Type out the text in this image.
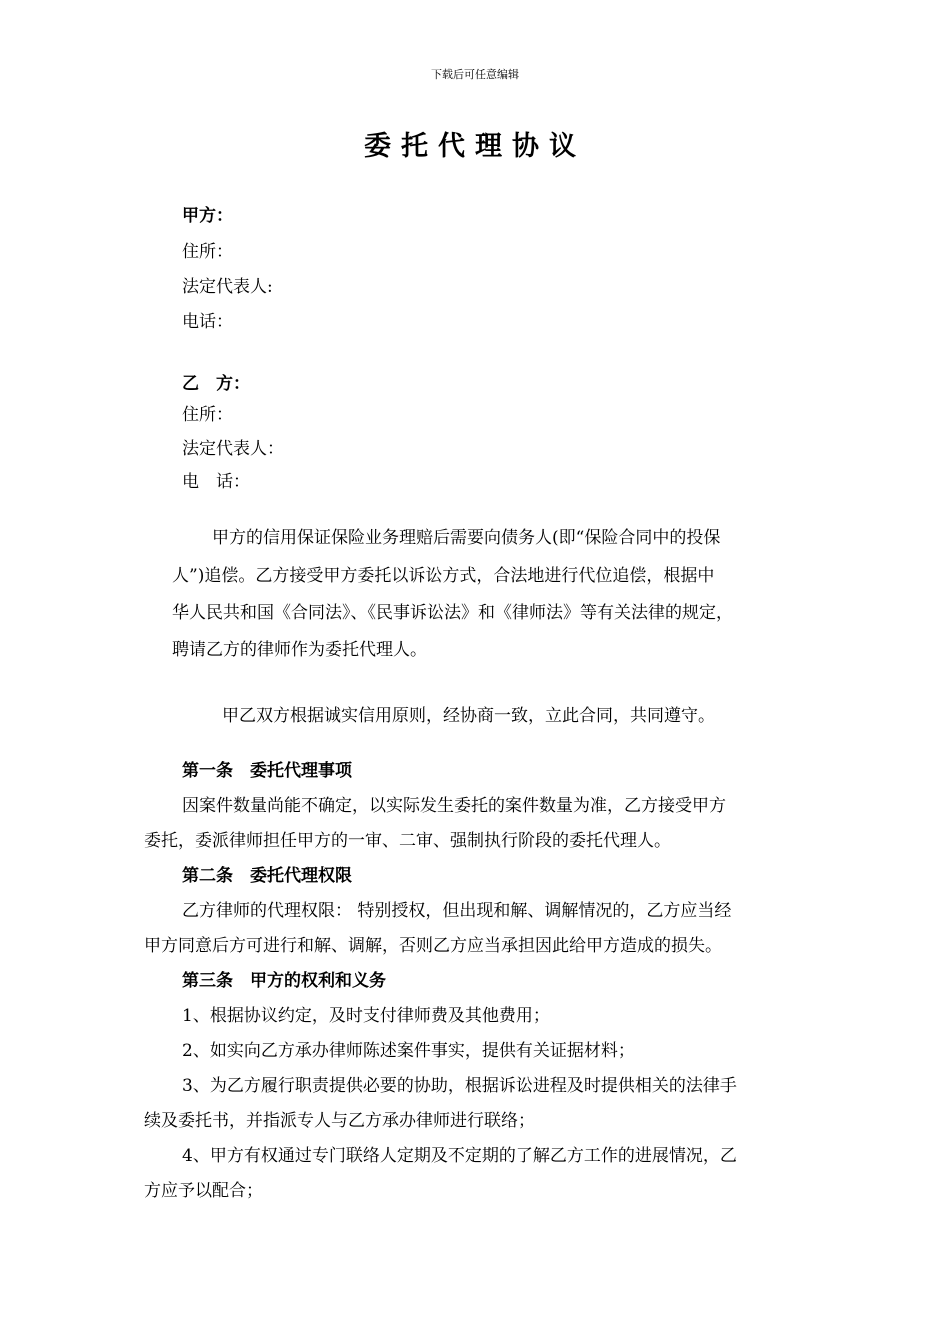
下载后可任意编辑
委托代理协议
甲方：
住所：
法定代表人:
电话：
乙　方：
住所：
法定代表人：
电　话：
甲方的信用保证保险业务理赔后需要向债务人(即“保险合同中的投保
人”)追偿。乙方接受甲方委托以诉讼方式，合法地进行代位追偿，根据中
华人民共和国《合同法》、《民事诉讼法》和《律师法》等有关法律的规定，
聘请乙方的律师作为委托代理人。
甲乙双方根据诚实信用原则，经协商一致，立此合同，共同遵守。
第一条　委托代理事项
因案件数量尚能不确定，以实际发生委托的案件数量为准，乙方接受甲方
委托，委派律师担任甲方的一审、二审、强制执行阶段的委托代理人。
第二条　委托代理权限
乙方律师的代理权限： 特别授权，但出现和解、调解情况的，乙方应当经
甲方同意后方可进行和解、调解，否则乙方应当承担因此给甲方造成的损失。
第三条　甲方的权利和义务
1、根据协议约定，及时支付律师费及其他费用；
2、如实向乙方承办律师陈述案件事实，提供有关证据材料；
3、为乙方履行职责提供必要的协助，根据诉讼进程及时提供相关的法律手
续及委托书，并指派专人与乙方承办律师进行联络；
4、甲方有权通过专门联络人定期及不定期的了解乙方工作的进展情况，乙
方应予以配合；
